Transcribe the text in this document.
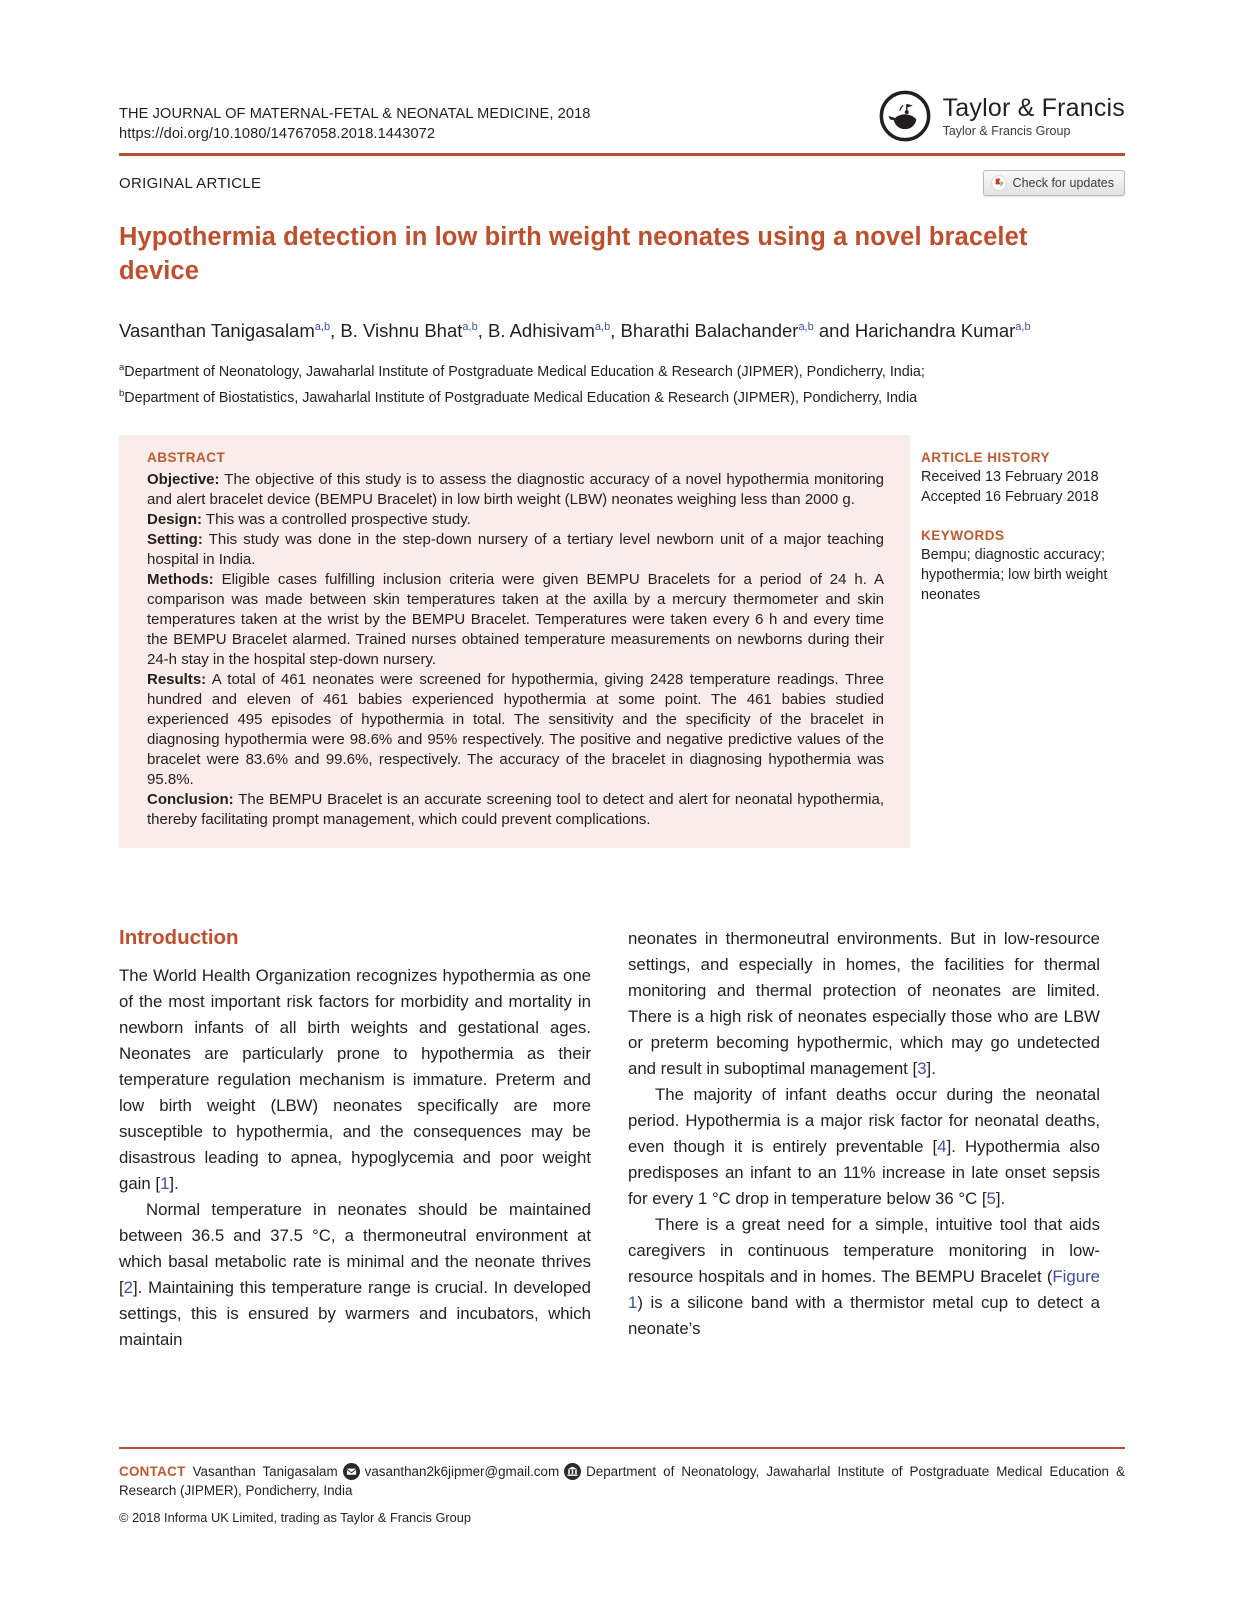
THE JOURNAL OF MATERNAL-FETAL & NEONATAL MEDICINE, 2018
https://doi.org/10.1080/14767058.2018.1443072
Taylor & Francis
Taylor & Francis Group
ORIGINAL ARTICLE	Check for updates
Hypothermia detection in low birth weight neonates using a novel bracelet device
Vasanthan Tanigasalam$^{a,b}$, B. Vishnu Bhat$^{a,b}$, B. Adhisivam$^{a,b}$, Bharathi Balachander$^{a,b}$ and Harichandra Kumar$^{a,b}$
$^a$Department of Neonatology, Jawaharlal Institute of Postgraduate Medical Education & Research (JIPMER), Pondicherry, India;
$^b$Department of Biostatistics, Jawaharlal Institute of Postgraduate Medical Education & Research (JIPMER), Pondicherry, India
ABSTRACT
Objective: The objective of this study is to assess the diagnostic accuracy of a novel hypothermia monitoring and alert bracelet device (BEMPU Bracelet) in low birth weight (LBW) neonates weighing less than 2000 g.
Design: This was a controlled prospective study.
Setting: This study was done in the step-down nursery of a tertiary level newborn unit of a major teaching hospital in India.
Methods: Eligible cases fulfilling inclusion criteria were given BEMPU Bracelets for a period of 24 h. A comparison was made between skin temperatures taken at the axilla by a mercury thermometer and skin temperatures taken at the wrist by the BEMPU Bracelet. Temperatures were taken every 6 h and every time the BEMPU Bracelet alarmed. Trained nurses obtained temperature measurements on newborns during their 24-h stay in the hospital step-down nursery.
Results: A total of 461 neonates were screened for hypothermia, giving 2428 temperature readings. Three hundred and eleven of 461 babies experienced hypothermia at some point. The 461 babies studied experienced 495 episodes of hypothermia in total. The sensitivity and the specificity of the bracelet in diagnosing hypothermia were 98.6% and 95% respectively. The positive and negative predictive values of the bracelet were 83.6% and 99.6%, respectively. The accuracy of the bracelet in diagnosing hypothermia was 95.8%.
Conclusion: The BEMPU Bracelet is an accurate screening tool to detect and alert for neonatal hypothermia, thereby facilitating prompt management, which could prevent complications.
ARTICLE HISTORY
Received 13 February 2018
Accepted 16 February 2018
KEYWORDS
Bempu; diagnostic accuracy; hypothermia; low birth weight neonates
Introduction

The World Health Organization recognizes hypothermia as one of the most important risk factors for morbidity and mortality in newborn infants of all birth weights and gestational ages. Neonates are particularly prone to hypothermia as their temperature regulation mechanism is immature. Preterm and low birth weight (LBW) neonates specifically are more susceptible to hypothermia, and the consequences may be disastrous leading to apnea, hypoglycemia and poor weight gain [1].

Normal temperature in neonates should be maintained between 36.5 and 37.5 °C, a thermoneutral environment at which basal metabolic rate is minimal and the neonate thrives [2]. Maintaining this temperature range is crucial. In developed settings, this is ensured by warmers and incubators, which maintain

neonates in thermoneutral environments. But in low-resource settings, and especially in homes, the facilities for thermal monitoring and thermal protection of neonates are limited. There is a high risk of neonates especially those who are LBW or preterm becoming hypothermic, which may go undetected and result in suboptimal management [3].

The majority of infant deaths occur during the neonatal period. Hypothermia is a major risk factor for neonatal deaths, even though it is entirely preventable [4]. Hypothermia also predisposes an infant to an 11% increase in late onset sepsis for every 1 °C drop in temperature below 36 °C [5].

There is a great need for a simple, intuitive tool that aids caregivers in continuous temperature monitoring in low-resource hospitals and in homes. The BEMPU Bracelet (Figure 1) is a silicone band with a thermistor metal cup to detect a neonate’s

CONTACT Vasanthan Tanigasalam vasanthan2k6jipmer@gmail.com Department of Neonatology, Jawaharlal Institute of Postgraduate Medical Education & Research (JIPMER), Pondicherry, India
© 2018 Informa UK Limited, trading as Taylor & Francis Group
